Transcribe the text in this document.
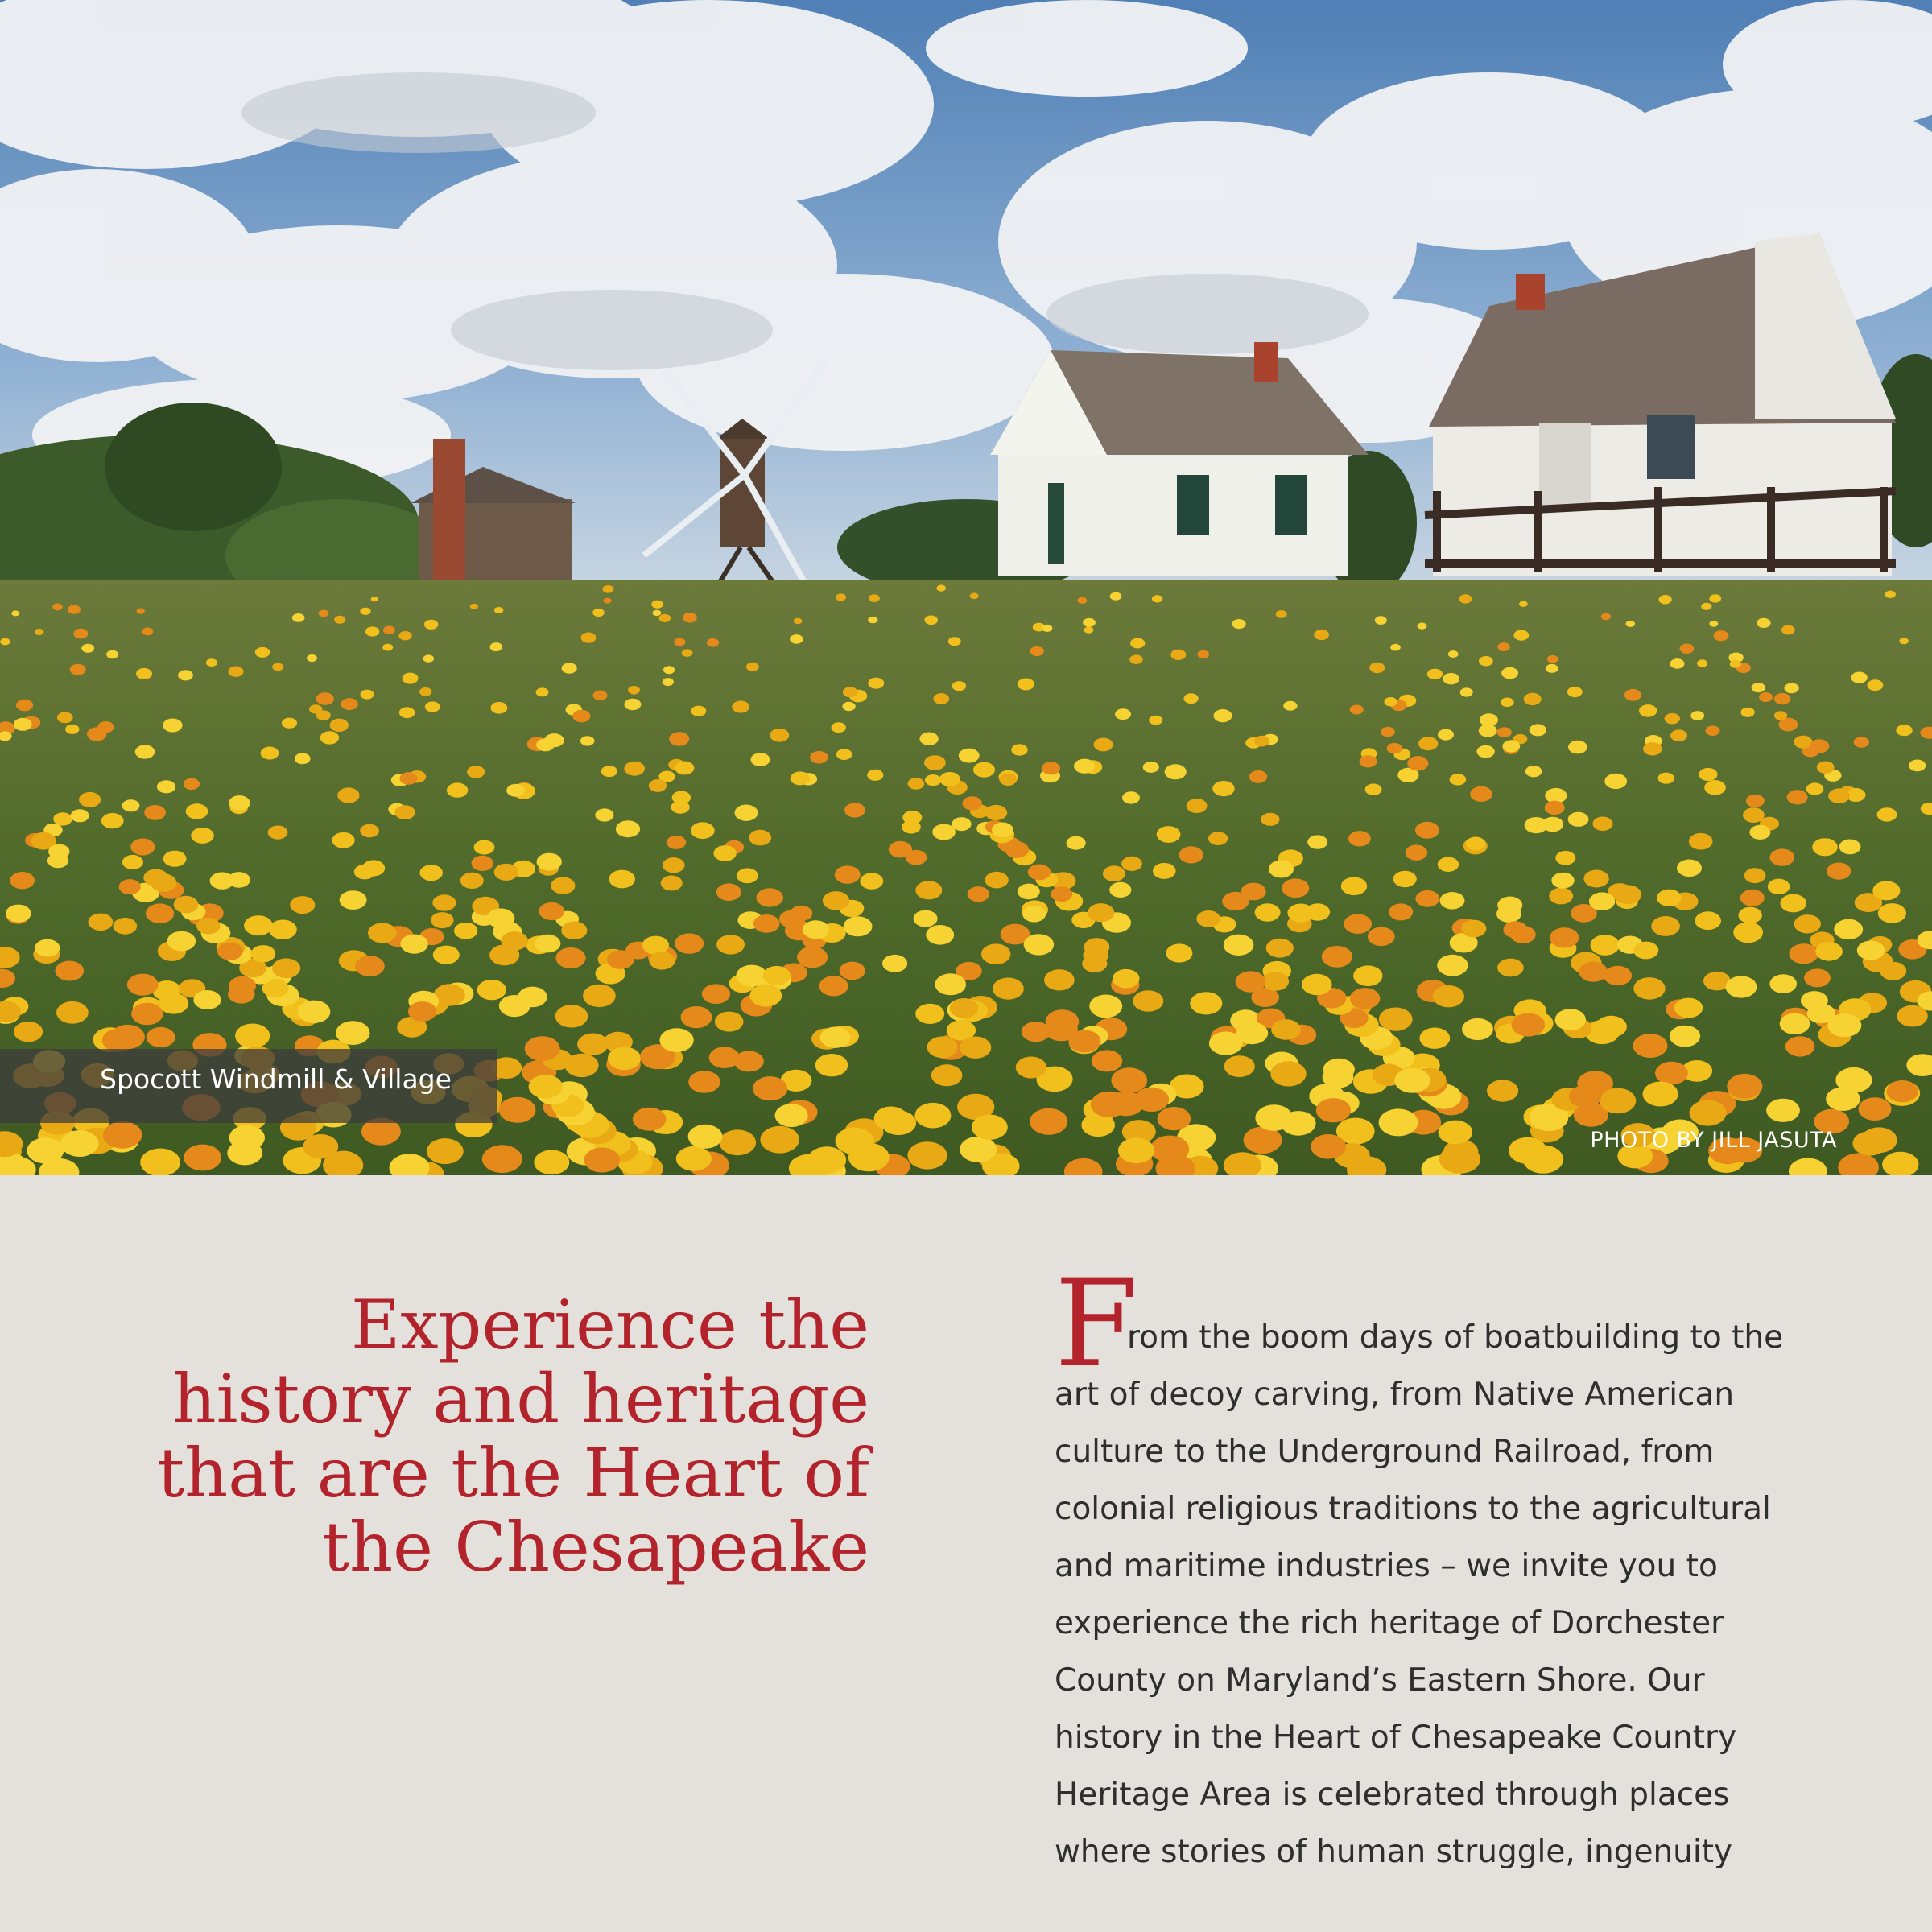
Spocott Windmill & Village
PHOTO BY JILL JASUTA
Experience the
history and heritage
that are the Heart of
the Chesapeake
F
rom the boom days of boatbuilding to the
art of decoy carving, from Native American
culture to the Underground Railroad, from
colonial religious traditions to the agricultural
and maritime industries – we invite you to
experience the rich heritage of Dorchester
County on Maryland’s Eastern Shore. Our
history in the Heart of Chesapeake Country
Heritage Area is celebrated through places
where stories of human struggle, ingenuity
